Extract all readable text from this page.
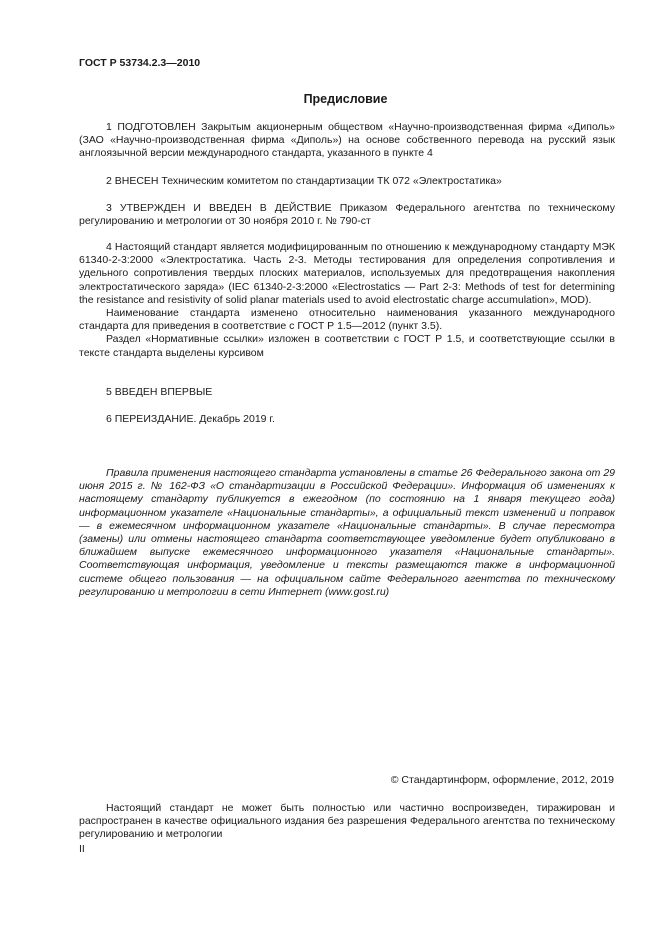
ГОСТ Р 53734.2.3—2010
Предисловие

1 ПОДГОТОВЛЕН Закрытым акционерным обществом «Научно-производственная фирма «Диполь» (ЗАО «Научно-производственная фирма «Диполь») на основе собственного перевода на русский язык англоязычной версии международного стандарта, указанного в пункте 4

2 ВНЕСЕН Техническим комитетом по стандартизации ТК 072 «Электростатика»

3 УТВЕРЖДЕН И ВВЕДЕН В ДЕЙСТВИЕ Приказом Федерального агентства по техническому регулированию и метрологии от 30 ноября 2010 г. № 790-ст

4 Настоящий стандарт является модифицированным по отношению к международному стандарту МЭК 61340-2-3:2000 «Электростатика. Часть 2-3. Методы тестирования для определения сопротивления и удельного сопротивления твердых плоских материалов, используемых для предотвращения накопления электростатического заряда» (IEC 61340-2-3:2000 «Electrostatics — Part 2-3: Methods of test for determining the resistance and resistivity of solid planar materials used to avoid electrostatic charge accumulation», MOD).

Наименование стандарта изменено относительно наименования указанного международного стандарта для приведения в соответствие с ГОСТ Р 1.5—2012 (пункт 3.5).

Раздел «Нормативные ссылки» изложен в соответствии с ГОСТ Р 1.5, и соответствующие ссылки в тексте стандарта выделены курсивом

5 ВВЕДЕН ВПЕРВЫЕ

6 ПЕРЕИЗДАНИЕ. Декабрь 2019 г.

Правила применения настоящего стандарта установлены в статье 26 Федерального закона от 29 июня 2015 г. № 162-ФЗ «О стандартизации в Российской Федерации». Информация об изменениях к настоящему стандарту публикуется в ежегодном (по состоянию на 1 января текущего года) информационном указателе «Национальные стандарты», а официальный текст изменений и поправок — в ежемесячном информационном указателе «Национальные стандарты». В случае пересмотра (замены) или отмены настоящего стандарта соответствующее уведомление будет опубликовано в ближайшем выпуске ежемесячного информационного указателя «Национальные стандарты». Соответствующая информация, уведомление и тексты размещаются также в информационной системе общего пользования — на официальном сайте Федерального агентства по техническому регулированию и метрологии в сети Интернет (www.gost.ru)

© Стандартинформ, оформление, 2012, 2019

Настоящий стандарт не может быть полностью или частично воспроизведен, тиражирован и распространен в качестве официального издания без разрешения Федерального агентства по техническому регулированию и метрологии

II
